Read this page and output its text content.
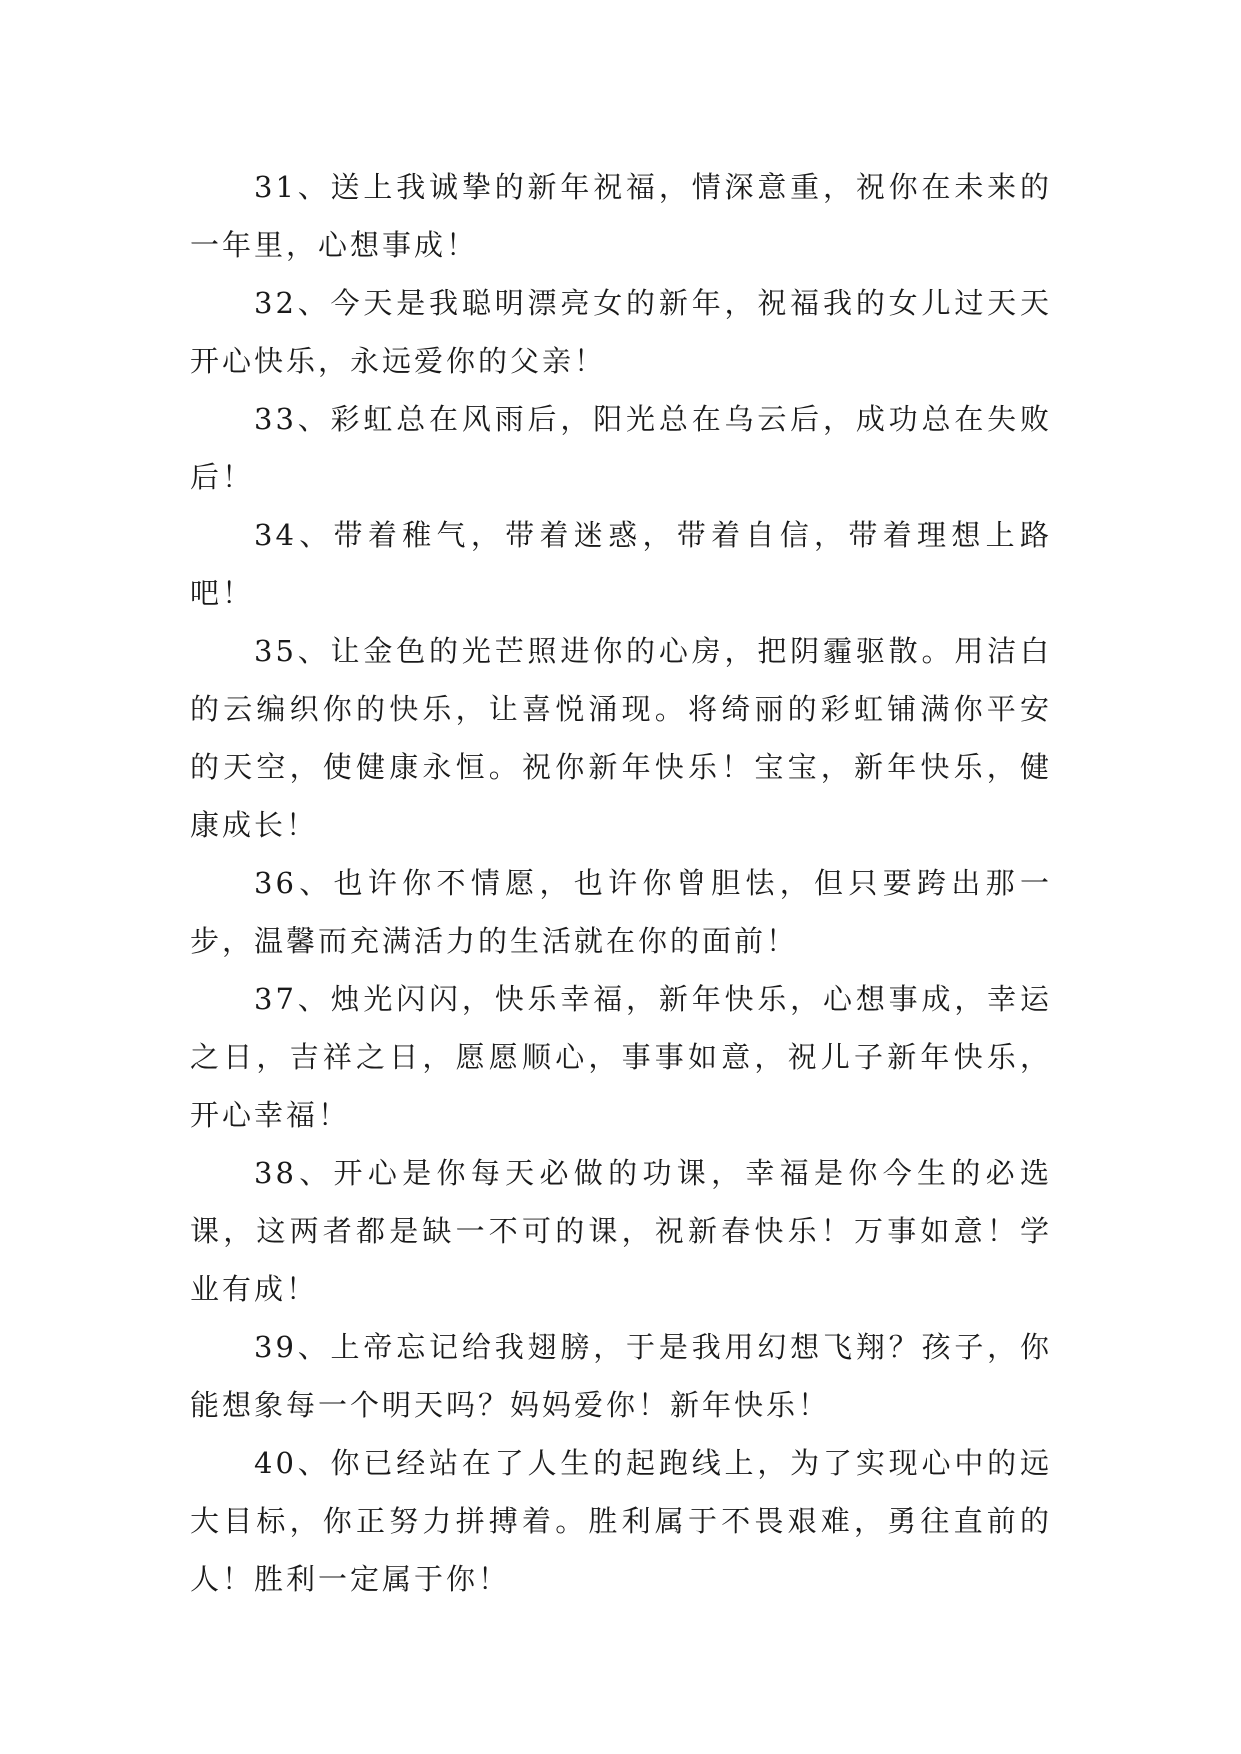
31、送上我诚挚的新年祝福，情深意重，祝你在未来的一年里，心想事成！

32、今天是我聪明漂亮女的新年，祝福我的女儿过天天开心快乐，永远爱你的父亲！

33、彩虹总在风雨后，阳光总在乌云后，成功总在失败后！

34、带着稚气，带着迷惑，带着自信，带着理想上路吧！

35、让金色的光芒照进你的心房，把阴霾驱散。用洁白的云编织你的快乐，让喜悦涌现。将绮丽的彩虹铺满你平安的天空，使健康永恒。祝你新年快乐！宝宝，新年快乐，健康成长！

36、也许你不情愿，也许你曾胆怯，但只要跨出那一步，温馨而充满活力的生活就在你的面前！

37、烛光闪闪，快乐幸福，新年快乐，心想事成，幸运之日，吉祥之日，愿愿顺心，事事如意，祝儿子新年快乐，开心幸福！

38、开心是你每天必做的功课，幸福是你今生的必选课，这两者都是缺一不可的课，祝新春快乐！万事如意！学业有成！

39、上帝忘记给我翅膀，于是我用幻想飞翔？孩子，你能想象每一个明天吗？妈妈爱你！新年快乐！

40、你已经站在了人生的起跑线上，为了实现心中的远大目标，你正努力拼搏着。胜利属于不畏艰难，勇往直前的人！胜利一定属于你！
